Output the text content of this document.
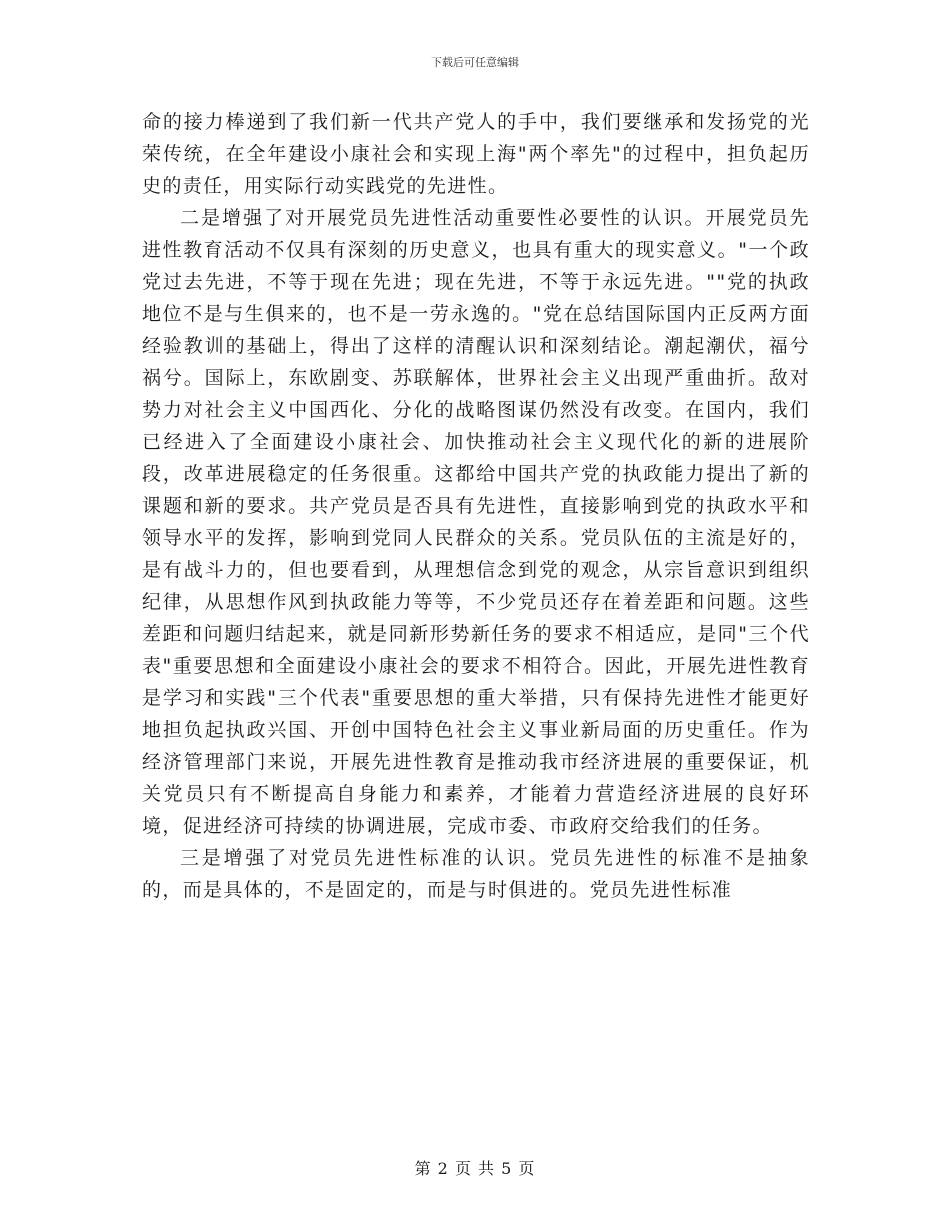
下载后可任意编辑

命的接力棒递到了我们新一代共产党人的手中，我们要继承和发扬党的光荣传统，在全年建设小康社会和实现上海"两个率先"的过程中，担负起历史的责任，用实际行动实践党的先进性。

二是增强了对开展党员先进性活动重要性必要性的认识。开展党员先进性教育活动不仅具有深刻的历史意义，也具有重大的现实意义。"一个政党过去先进，不等于现在先进；现在先进，不等于永远先进。""党的执政地位不是与生俱来的，也不是一劳永逸的。"党在总结国际国内正反两方面经验教训的基础上，得出了这样的清醒认识和深刻结论。潮起潮伏，福兮祸兮。国际上，东欧剧变、苏联解体，世界社会主义出现严重曲折。敌对势力对社会主义中国西化、分化的战略图谋仍然没有改变。在国内，我们已经进入了全面建设小康社会、加快推动社会主义现代化的新的进展阶段，改革进展稳定的任务很重。这都给中国共产党的执政能力提出了新的课题和新的要求。共产党员是否具有先进性，直接影响到党的执政水平和领导水平的发挥，影响到党同人民群众的关系。党员队伍的主流是好的，是有战斗力的，但也要看到，从理想信念到党的观念，从宗旨意识到组织纪律，从思想作风到执政能力等等，不少党员还存在着差距和问题。这些差距和问题归结起来，就是同新形势新任务的要求不相适应，是同"三个代表"重要思想和全面建设小康社会的要求不相符合。因此，开展先进性教育是学习和实践"三个代表"重要思想的重大举措，只有保持先进性才能更好地担负起执政兴国、开创中国特色社会主义事业新局面的历史重任。作为经济管理部门来说，开展先进性教育是推动我市经济进展的重要保证，机关党员只有不断提高自身能力和素养，才能着力营造经济进展的良好环境，促进经济可持续的协调进展，完成市委、市政府交给我们的任务。

三是增强了对党员先进性标准的认识。党员先进性的标准不是抽象的，而是具体的，不是固定的，而是与时俱进的。党员先进性标准

第 2 页 共 5 页
